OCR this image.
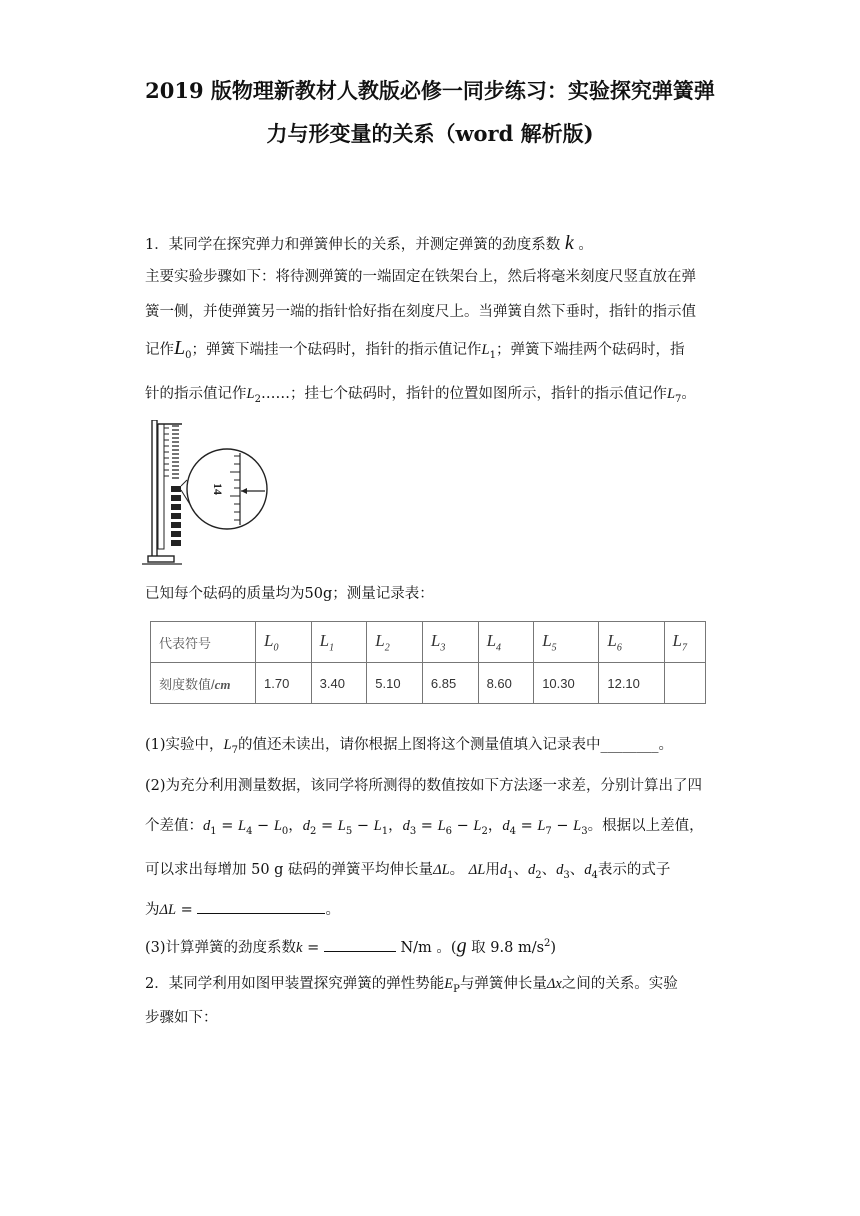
2019 版物理新教材人教版必修一同步练习：实验探究弹簧弹
力与形变量的关系（word 解析版)
1．某同学在探究弹力和弹簧伸长的关系，并测定弹簧的劲度系数 k 。
主要实验步骤如下：将待测弹簧的一端固定在铁架台上，然后将毫米刻度尺竖直放在弹
簧一侧，并使弹簧另一端的指针恰好指在刻度尺上。当弹簧自然下垂时，指针的指示值
记作$L_0$；弹簧下端挂一个砝码时，指针的指示值记作$L_1$；弹簧下端挂两个砝码时，指
针的指示值记作$L_2\dots\dots$；挂七个砝码时，指针的位置如图所示，指针的指示值记作$L_7$。
14
已知每个砝码的质量均为50g；测量记录表：
代表符号	$L_0$	$L_1$	$L_2$	$L_3$	$L_4$	$L_5$	$L_6$	$L_7$
刻度数值/cm	1.70	3.40	5.10	6.85	8.60	10.30	12.10	
(1)实验中，$L_7$的值还未读出，请你根据上图将这个测量值填入记录表中________。
(2)为充分利用测量数据，该同学将所测得的数值按如下方法逐一求差，分别计算出了四
个差值：$d_1 = L_4 - L_0$，$d_2 = L_5 - L_1$，$d_3 = L_6 - L_2$，$d_4 = L_7 - L_3$。根据以上差值，
可以求出每增加 50 g 砝码的弹簧平均伸长量ΔL。 ΔL用$d_1$、$d_2$、$d_3$、$d_4$表示的式子
为ΔL =	。
(3)计算弹簧的劲度系数k =	N/m 。(g 取 9.8 $m/s^2$)
2．某同学利用如图甲装置探究弹簧的弹性势能$E_P$与弹簧伸长量Δx之间的关系。实验
步骤如下：
